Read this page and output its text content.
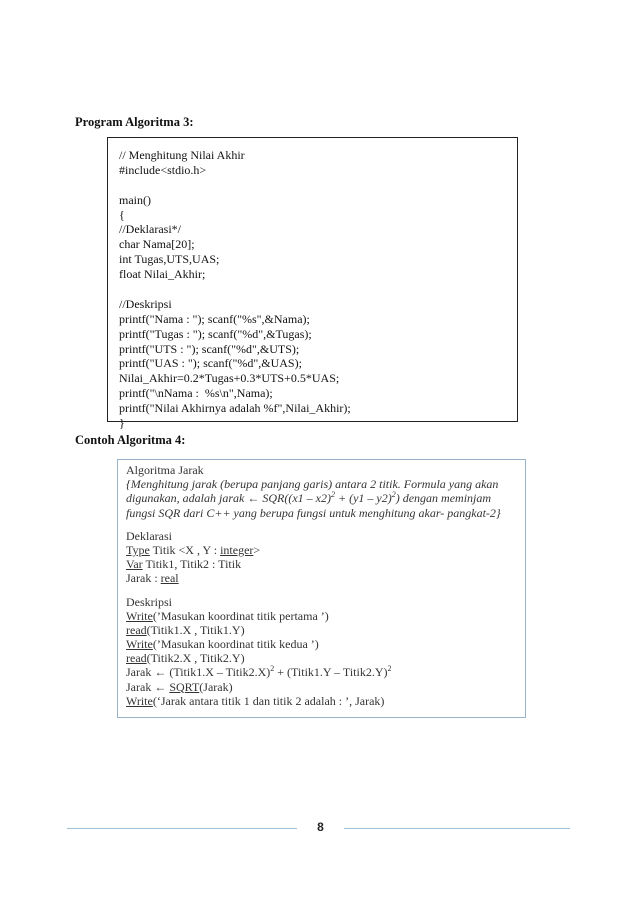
Program Algoritma 3:
// Menghitung Nilai Akhir
#include<stdio.h>
main()
{
//Deklarasi*/
char Nama[20];
int Tugas,UTS,UAS;
float Nilai_Akhir;
//Deskripsi
printf("Nama : "); scanf("%s",&Nama);
printf("Tugas : "); scanf("%d",&Tugas);
printf("UTS : "); scanf("%d",&UTS);
printf("UAS : "); scanf("%d",&UAS);
Nilai_Akhir=0.2*Tugas+0.3*UTS+0.5*UAS;
printf("\nNama :  %s\n",Nama);
printf("Nilai Akhirnya adalah %f",Nilai_Akhir);
}
Contoh Algoritma 4:
Algoritma Jarak
{Menghitung jarak (berupa panjang garis) antara 2 titik. Formula yang akan
digunakan, adalah jarak ← SQR((x1 – x2)$^2$ + (y1 – y2)$^2$) dengan meminjam
fungsi SQR dari C++ yang berupa fungsi untuk menghitung akar- pangkat-2}
Deklarasi
Type Titik <X , Y : integer>
Var Titik1, Titik2 : Titik
Jarak : real
Deskripsi
Write(’Masukan koordinat titik pertama ’)
read(Titik1.X , Titik1.Y)
Write(’Masukan koordinat titik kedua ’)
read(Titik2.X , Titik2.Y)
Jarak ← (Titik1.X – Titik2.X)$^2$ + (Titik1.Y – Titik2.Y)$^2$
Jarak ← SQRT(Jarak)
Write(‘Jarak antara titik 1 dan titik 2 adalah : ’, Jarak)
8
